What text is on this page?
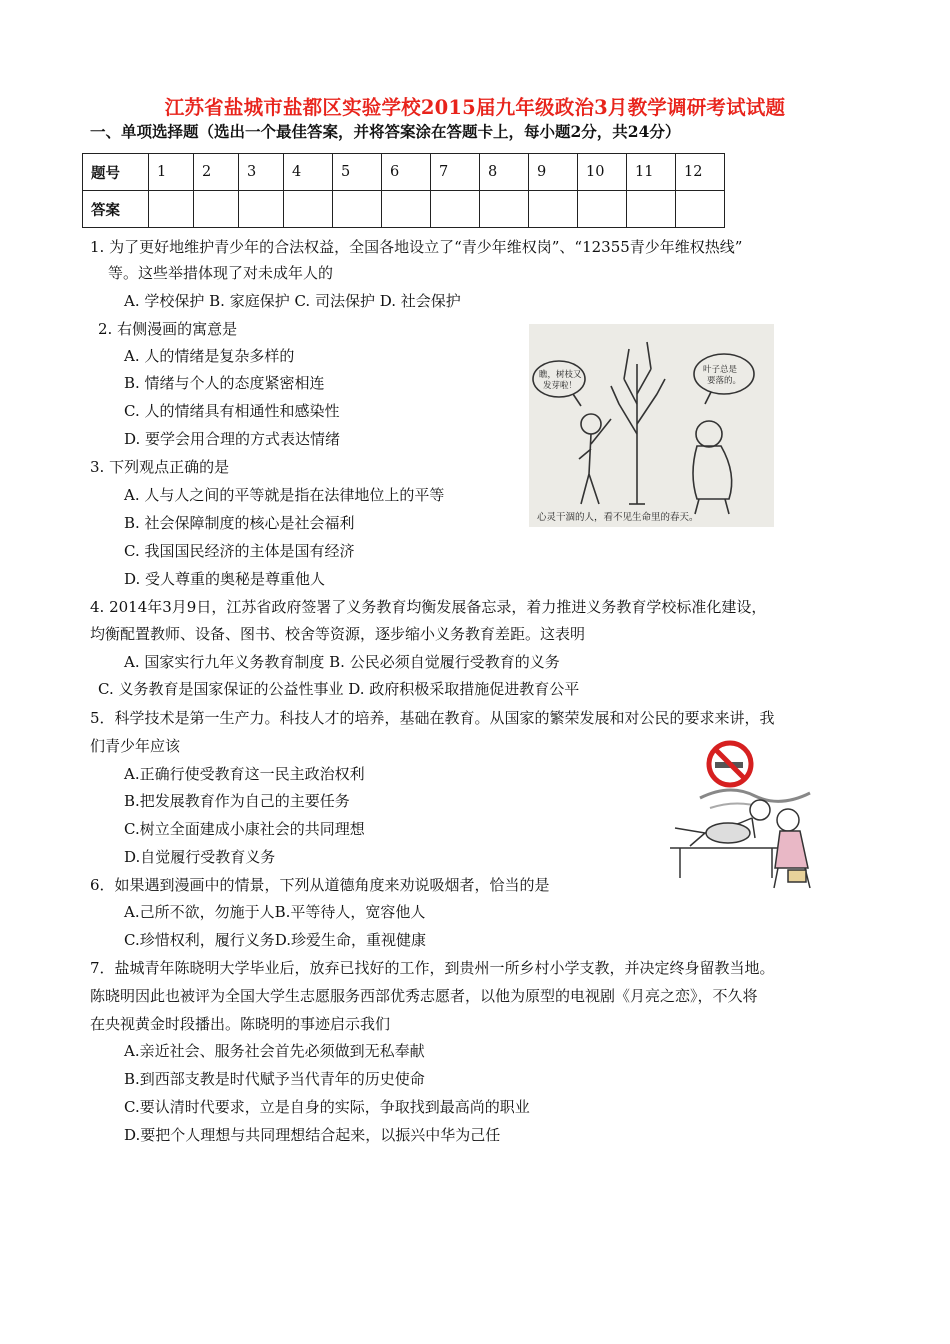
江苏省盐城市盐都区实验学校2015届九年级政治3月教学调研考试试题
一、单项选择题（选出一个最佳答案，并将答案涂在答题卡上，每小题2分，共24分）
题号	1	2	3	4	5	6	7	8	9	10	11	12
答案												
1. 为了更好地维护青少年的合法权益，全国各地设立了“青少年维权岗”、“12355青少年维权热线”
等。这些举措体现了对未成年人的
A. 学校保护 B. 家庭保护 C. 司法保护 D. 社会保护
2. 右侧漫画的寓意是
A. 人的情绪是复杂多样的
B. 情绪与个人的态度紧密相连
C. 人的情绪具有相通性和感染性
D. 要学会用合理的方式表达情绪
瞧，树枝又
发芽啦！
叶子总是
要落的。
心灵干涸的人，看不见生命里的春天。
3. 下列观点正确的是
A. 人与人之间的平等就是指在法律地位上的平等
B. 社会保障制度的核心是社会福利
C. 我国国民经济的主体是国有经济
D. 受人尊重的奥秘是尊重他人
4. 2014年3月9日，江苏省政府签署了义务教育均衡发展备忘录，着力推进义务教育学校标准化建设，
均衡配置教师、设备、图书、校舍等资源，逐步缩小义务教育差距。这表明
A. 国家实行九年义务教育制度 B. 公民必须自觉履行受教育的义务
C. 义务教育是国家保证的公益性事业 D. 政府积极采取措施促进教育公平
5．科学技术是第一生产力。科技人才的培养，基础在教育。从国家的繁荣发展和对公民的要求来讲，我
们青少年应该
A.正确行使受教育这一民主政治权利
B.把发展教育作为自己的主要任务
C.树立全面建成小康社会的共同理想
D.自觉履行受教育义务
6．如果遇到漫画中的情景，下列从道德角度来劝说吸烟者，恰当的是
A.己所不欲，勿施于人B.平等待人，宽容他人
C.珍惜权利，履行义务D.珍爱生命，重视健康
7．盐城青年陈晓明大学毕业后，放弃已找好的工作，到贵州一所乡村小学支教，并决定终身留教当地。
陈晓明因此也被评为全国大学生志愿服务西部优秀志愿者，以他为原型的电视剧《月亮之恋》，不久将
在央视黄金时段播出。陈晓明的事迹启示我们
A.亲近社会、服务社会首先必须做到无私奉献
B.到西部支教是时代赋予当代青年的历史使命
C.要认清时代要求，立是自身的实际，争取找到最高尚的职业
D.要把个人理想与共同理想结合起来，以振兴中华为己任
